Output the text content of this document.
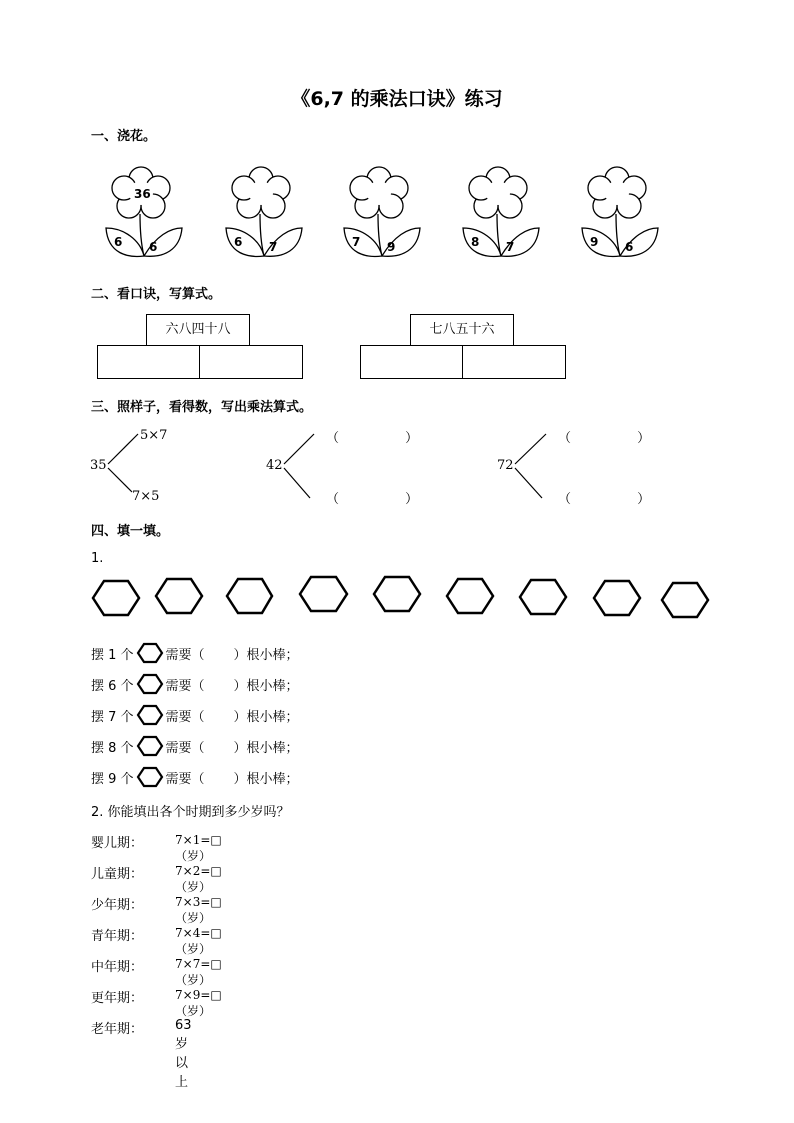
《6,7 的乘法口诀》练习
一、浇花。
36
6 6	6 7	7 9	8 7	9 6
二、看口诀，写算式。
六八四十八	七八五十六
三、照样子，看得数，写出乘法算式。
35
5×7
7×5
42
（                ）
（                ）
72
（                ）
（                ）
四、填一填。
1.
摆 1 个 需要（       ）根小棒；
摆 6 个 需要（       ）根小棒；
摆 7 个 需要（       ）根小棒；
摆 8 个 需要（       ）根小棒；
摆 9 个 需要（       ）根小棒；
2. 你能填出各个时期到多少岁吗？
婴儿期：	7×1=□（岁）
儿童期：	7×2=□（岁）
少年期：	7×3=□（岁）
青年期：	7×4=□（岁）
中年期：	7×7=□（岁）
更年期：	7×9=□（岁）
老年期： 63 岁以上
